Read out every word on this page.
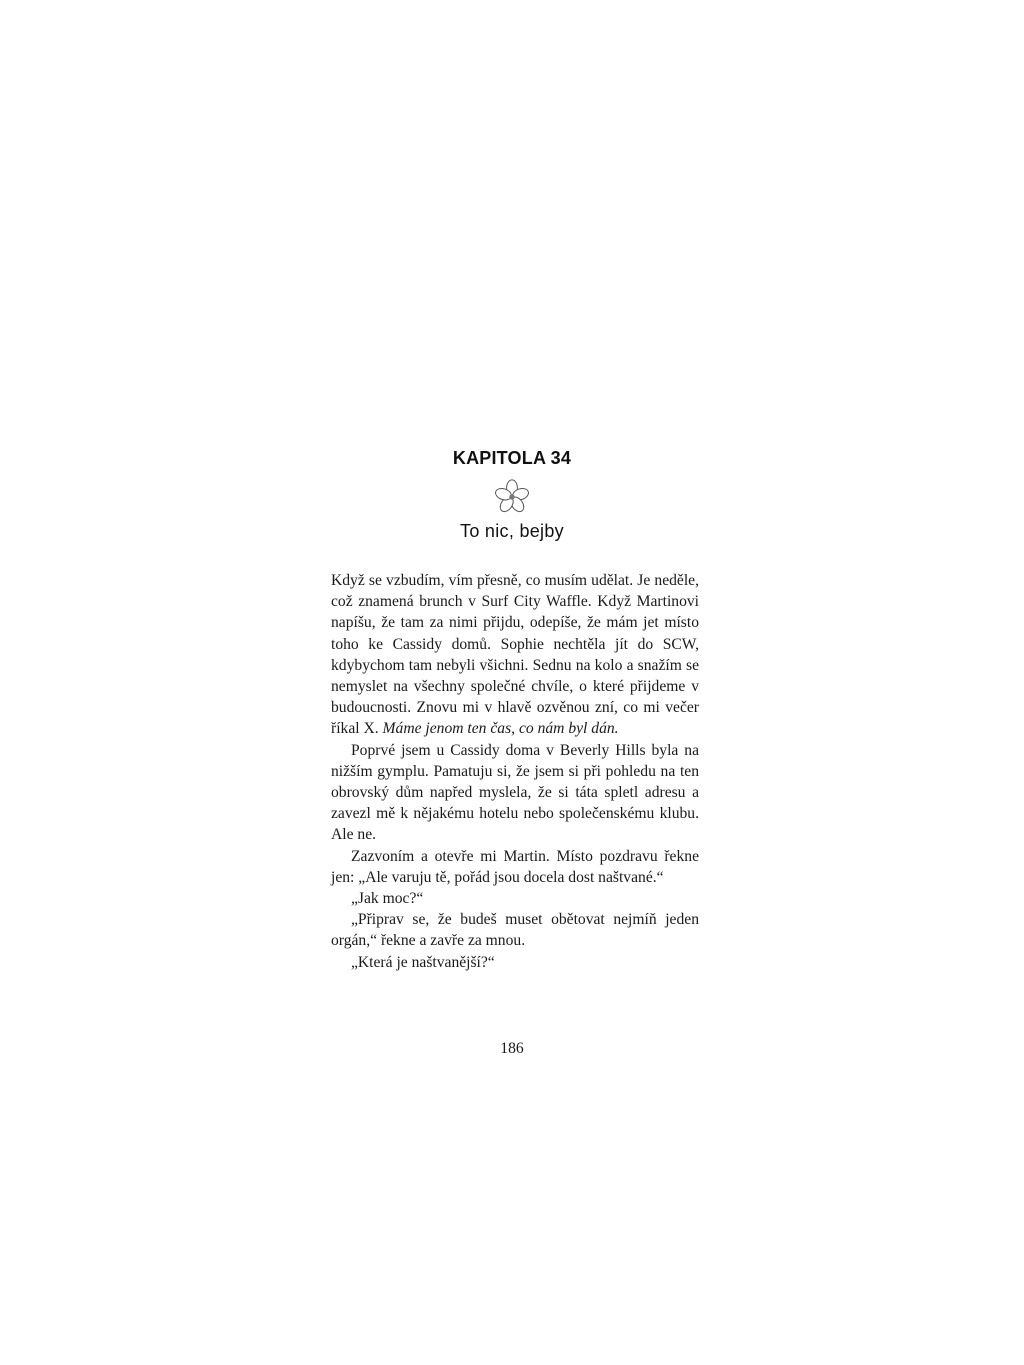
KAPITOLA 34
To nic, bejby

Když se vzbudím, vím přesně, co musím udělat. Je neděle, což znamená brunch v Surf City Waffle. Když Martinovi napíšu, že tam za nimi přijdu, odepíše, že mám jet místo toho ke Cassidy domů. Sophie nechtěla jít do SCW, kdybychom tam nebyli všichni. Sednu na kolo a snažím se nemyslet na všechny společné chvíle, o které přijdeme v budoucnosti. Znovu mi v hlavě ozvěnou zní, co mi večer říkal X. Máme jenom ten čas, co nám byl dán.

Poprvé jsem u Cassidy doma v Beverly Hills byla na nižším gymplu. Pamatuju si, že jsem si při pohledu na ten obrovský dům napřed myslela, že si táta spletl adresu a zavezl mě k nějakému hotelu nebo společenskému klubu. Ale ne.

Zazvoním a otevře mi Martin. Místo pozdravu řekne jen: „Ale varuju tě, pořád jsou docela dost naštvané.“

„Jak moc?“

„Připrav se, že budeš muset obětovat nejmíň jeden orgán,“ řekne a zavře za mnou.

„Která je naštvanější?“

186
